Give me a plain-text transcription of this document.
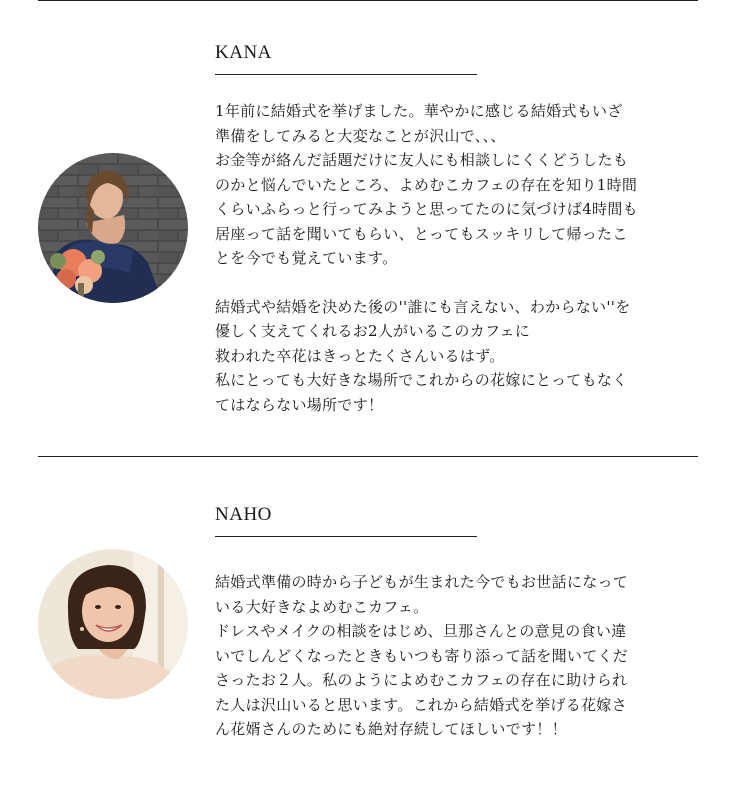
KANA

1年前に結婚式を挙げました。華やかに感じる結婚式もいざ
準備をしてみると大変なことが沢山で、、、
お金等が絡んだ話題だけに友人にも相談しにくくどうしたも
のかと悩んでいたところ、よめむこカフェの存在を知り1時間
くらいふらっと行ってみようと思ってたのに気づけば4時間も
居座って話を聞いてもらい、とってもスッキリして帰ったこ
とを今でも覚えています。

結婚式や結婚を決めた後の''誰にも言えない、わからない''を
優しく支えてくれるお2人がいるこのカフェに
救われた卒花はきっとたくさんいるはず。
私にとっても大好きな場所でこれからの花嫁にとってもなく
てはならない場所です！

NAHO

結婚式準備の時から子どもが生まれた今でもお世話になって
いる大好きなよめむこカフェ。
ドレスやメイクの相談をはじめ、旦那さんとの意見の食い違
いでしんどくなったときもいつも寄り添って話を聞いてくだ
さったお２人。私のようによめむこカフェの存在に助けられ
た人は沢山いると思います。これから結婚式を挙げる花嫁さ
ん花婿さんのためにも絶対存続してほしいです！！
